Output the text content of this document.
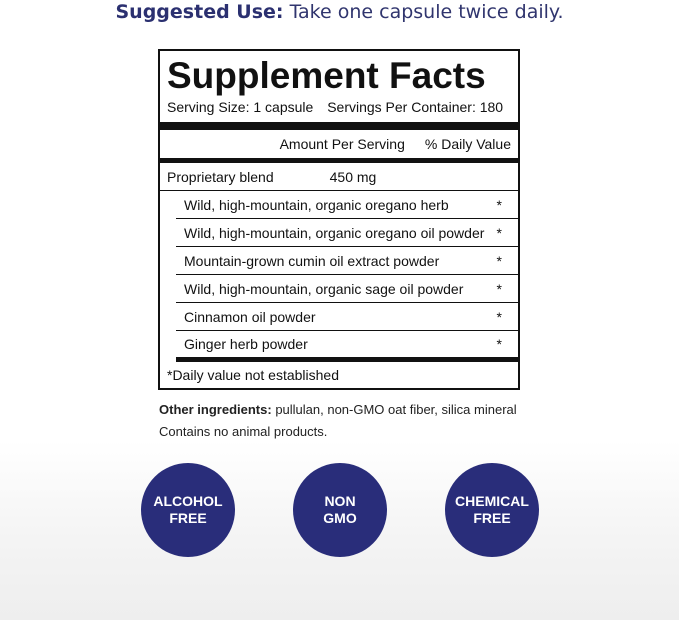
Suggested Use: Take one capsule twice daily.
Supplement Facts
Serving Size: 1 capsule Servings Per Container: 180
Amount Per Serving % Daily Value
Proprietary blend	450 mg
Wild, high-mountain, organic oregano herb	*
Wild, high-mountain, organic oregano oil powder *
Mountain-grown cumin oil extract powder	*
Wild, high-mountain, organic sage oil powder *
Cinnamon oil powder	*
Ginger herb powder	*
*Daily value not established
Other ingredients: pullulan, non-GMO oat fiber, silica mineral
Contains no animal products.
ALCOHOL
FREE
NON
GMO
CHEMICAL
FREE
